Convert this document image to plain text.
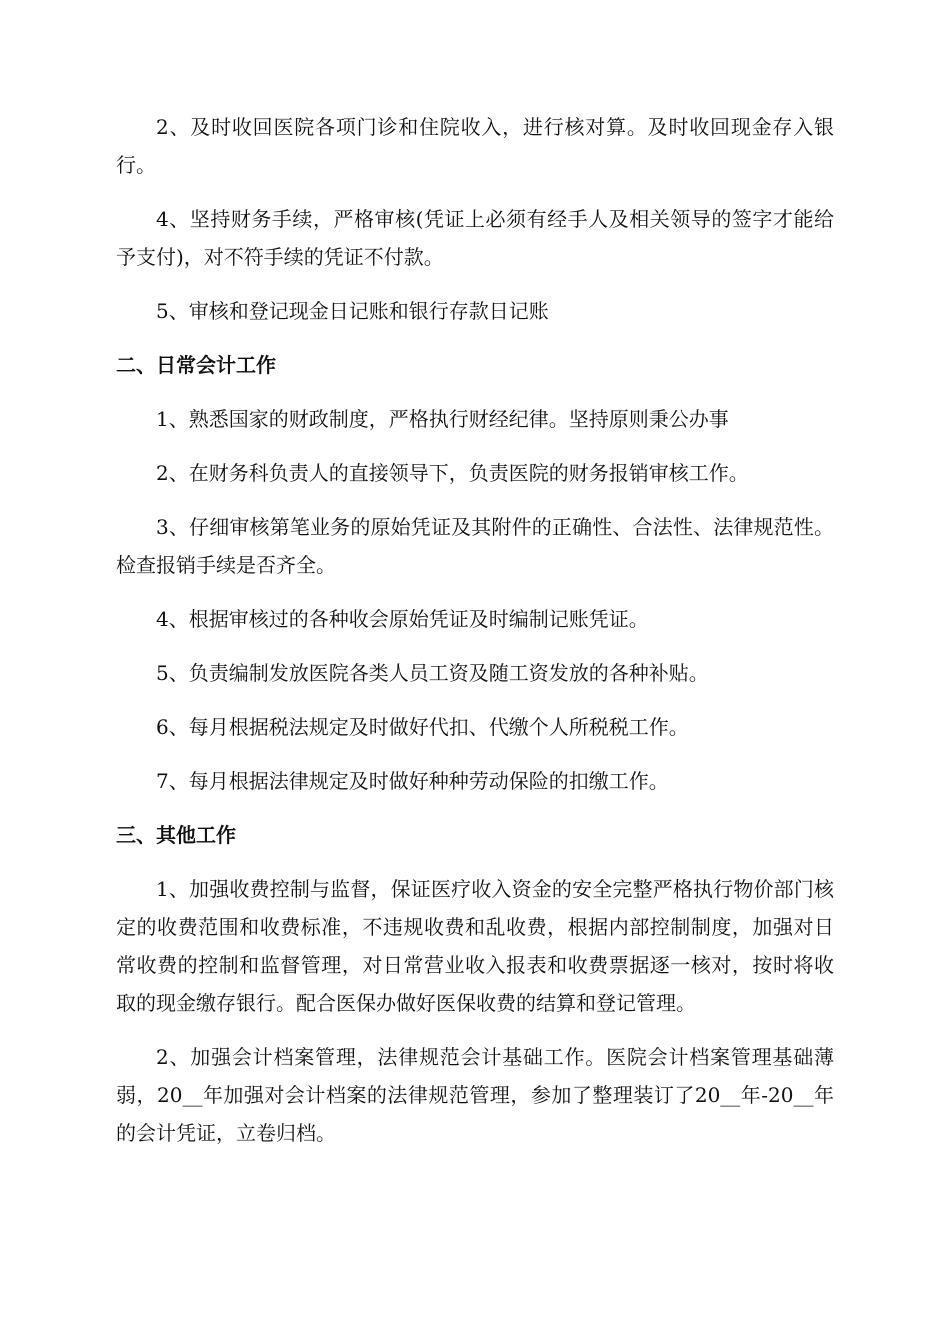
2、及时收回医院各项门诊和住院收入，进行核对算。及时收回现金存入银行。

4、坚持财务手续，严格审核(凭证上必须有经手人及相关领导的签字才能给予支付)，对不符手续的凭证不付款。

5、审核和登记现金日记账和银行存款日记账

二、日常会计工作

1、熟悉国家的财政制度，严格执行财经纪律。坚持原则秉公办事

2、在财务科负责人的直接领导下，负责医院的财务报销审核工作。

3、仔细审核第笔业务的原始凭证及其附件的正确性、合法性、法律规范性。检查报销手续是否齐全。

4、根据审核过的各种收会原始凭证及时编制记账凭证。

5、负责编制发放医院各类人员工资及随工资发放的各种补贴。

6、每月根据税法规定及时做好代扣、代缴个人所税税工作。

7、每月根据法律规定及时做好种种劳动保险的扣缴工作。

三、其他工作

1、加强收费控制与监督，保证医疗收入资金的安全完整严格执行物价部门核定的收费范围和收费标准，不违规收费和乱收费，根据内部控制制度，加强对日常收费的控制和监督管理，对日常营业收入报表和收费票据逐一核对，按时将收取的现金缴存银行。配合医保办做好医保收费的结算和登记管理。

2、加强会计档案管理，法律规范会计基础工作。医院会计档案管理基础薄弱，20__年加强对会计档案的法律规范管理，参加了整理装订了20__年-20__年的会计凭证，立卷归档。
